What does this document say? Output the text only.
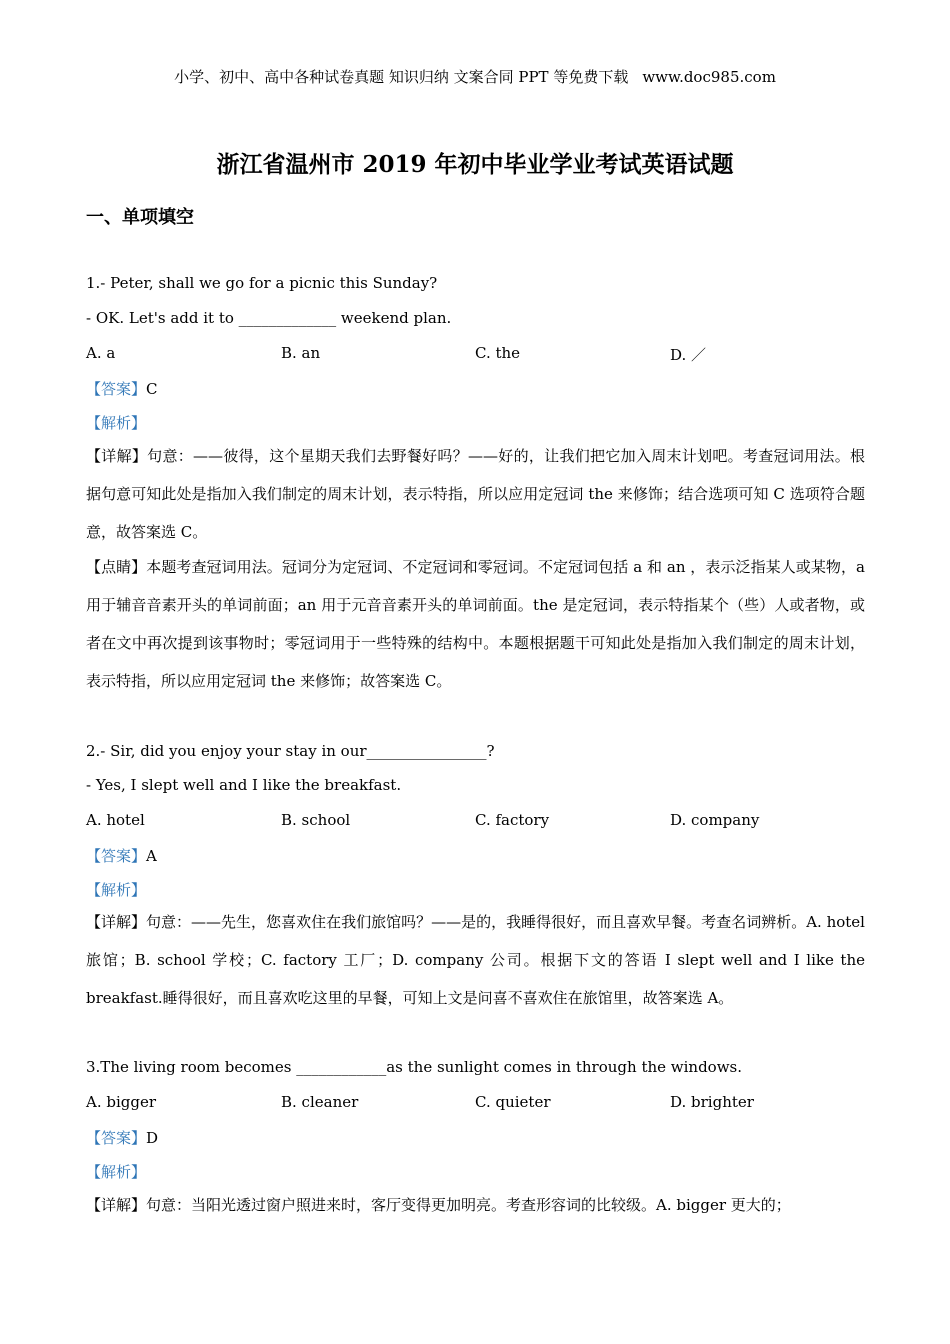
小学、初中、高中各种试卷真题 知识归纳 文案合同 PPT 等免费下载 www.doc985.com
浙江省温州市 2019 年初中毕业学业考试英语试题
一、单项填空
1.- Peter, shall we go for a picnic this Sunday?
- OK. Let's add it to _____________ weekend plan.
A. a	B. an	C. the	D. ／
【答案】C
【解析】
【详解】句意：——彼得，这个星期天我们去野餐好吗？——好的，让我们把它加入周末计划吧。考查冠词用法。根据句意可知此处是指加入我们制定的周末计划，表示特指，所以应用定冠词 the 来修饰；结合选项可知 C 选项符合题意，故答案选 C。
【点睛】本题考查冠词用法。冠词分为定冠词、不定冠词和零冠词。不定冠词包括 a 和 an ，表示泛指某人或某物，a 用于辅音音素开头的单词前面；an 用于元音音素开头的单词前面。the 是定冠词，表示特指某个（些）人或者物，或者在文中再次提到该事物时；零冠词用于一些特殊的结构中。本题根据题干可知此处是指加入我们制定的周末计划，表示特指，所以应用定冠词 the 来修饰；故答案选 C。
2.- Sir, did you enjoy your stay in our________________?
- Yes, I slept well and I like the breakfast.
A. hotel	B. school	C. factory	D. company
【答案】A
【解析】
【详解】句意：——先生，您喜欢住在我们旅馆吗？——是的，我睡得很好，而且喜欢早餐。考查名词辨析。A. hotel 旅馆；B. school 学校；C. factory 工厂；D. company 公司。根据下文的答语 I slept well and I like the breakfast.睡得很好，而且喜欢吃这里的早餐，可知上文是问喜不喜欢住在旅馆里，故答案选 A。
3.The living room becomes ____________as the sunlight comes in through the windows.
A. bigger	B. cleaner	C. quieter	D. brighter
【答案】D
【解析】
【详解】句意：当阳光透过窗户照进来时，客厅变得更加明亮。考查形容词的比较级。A. bigger 更大的；
